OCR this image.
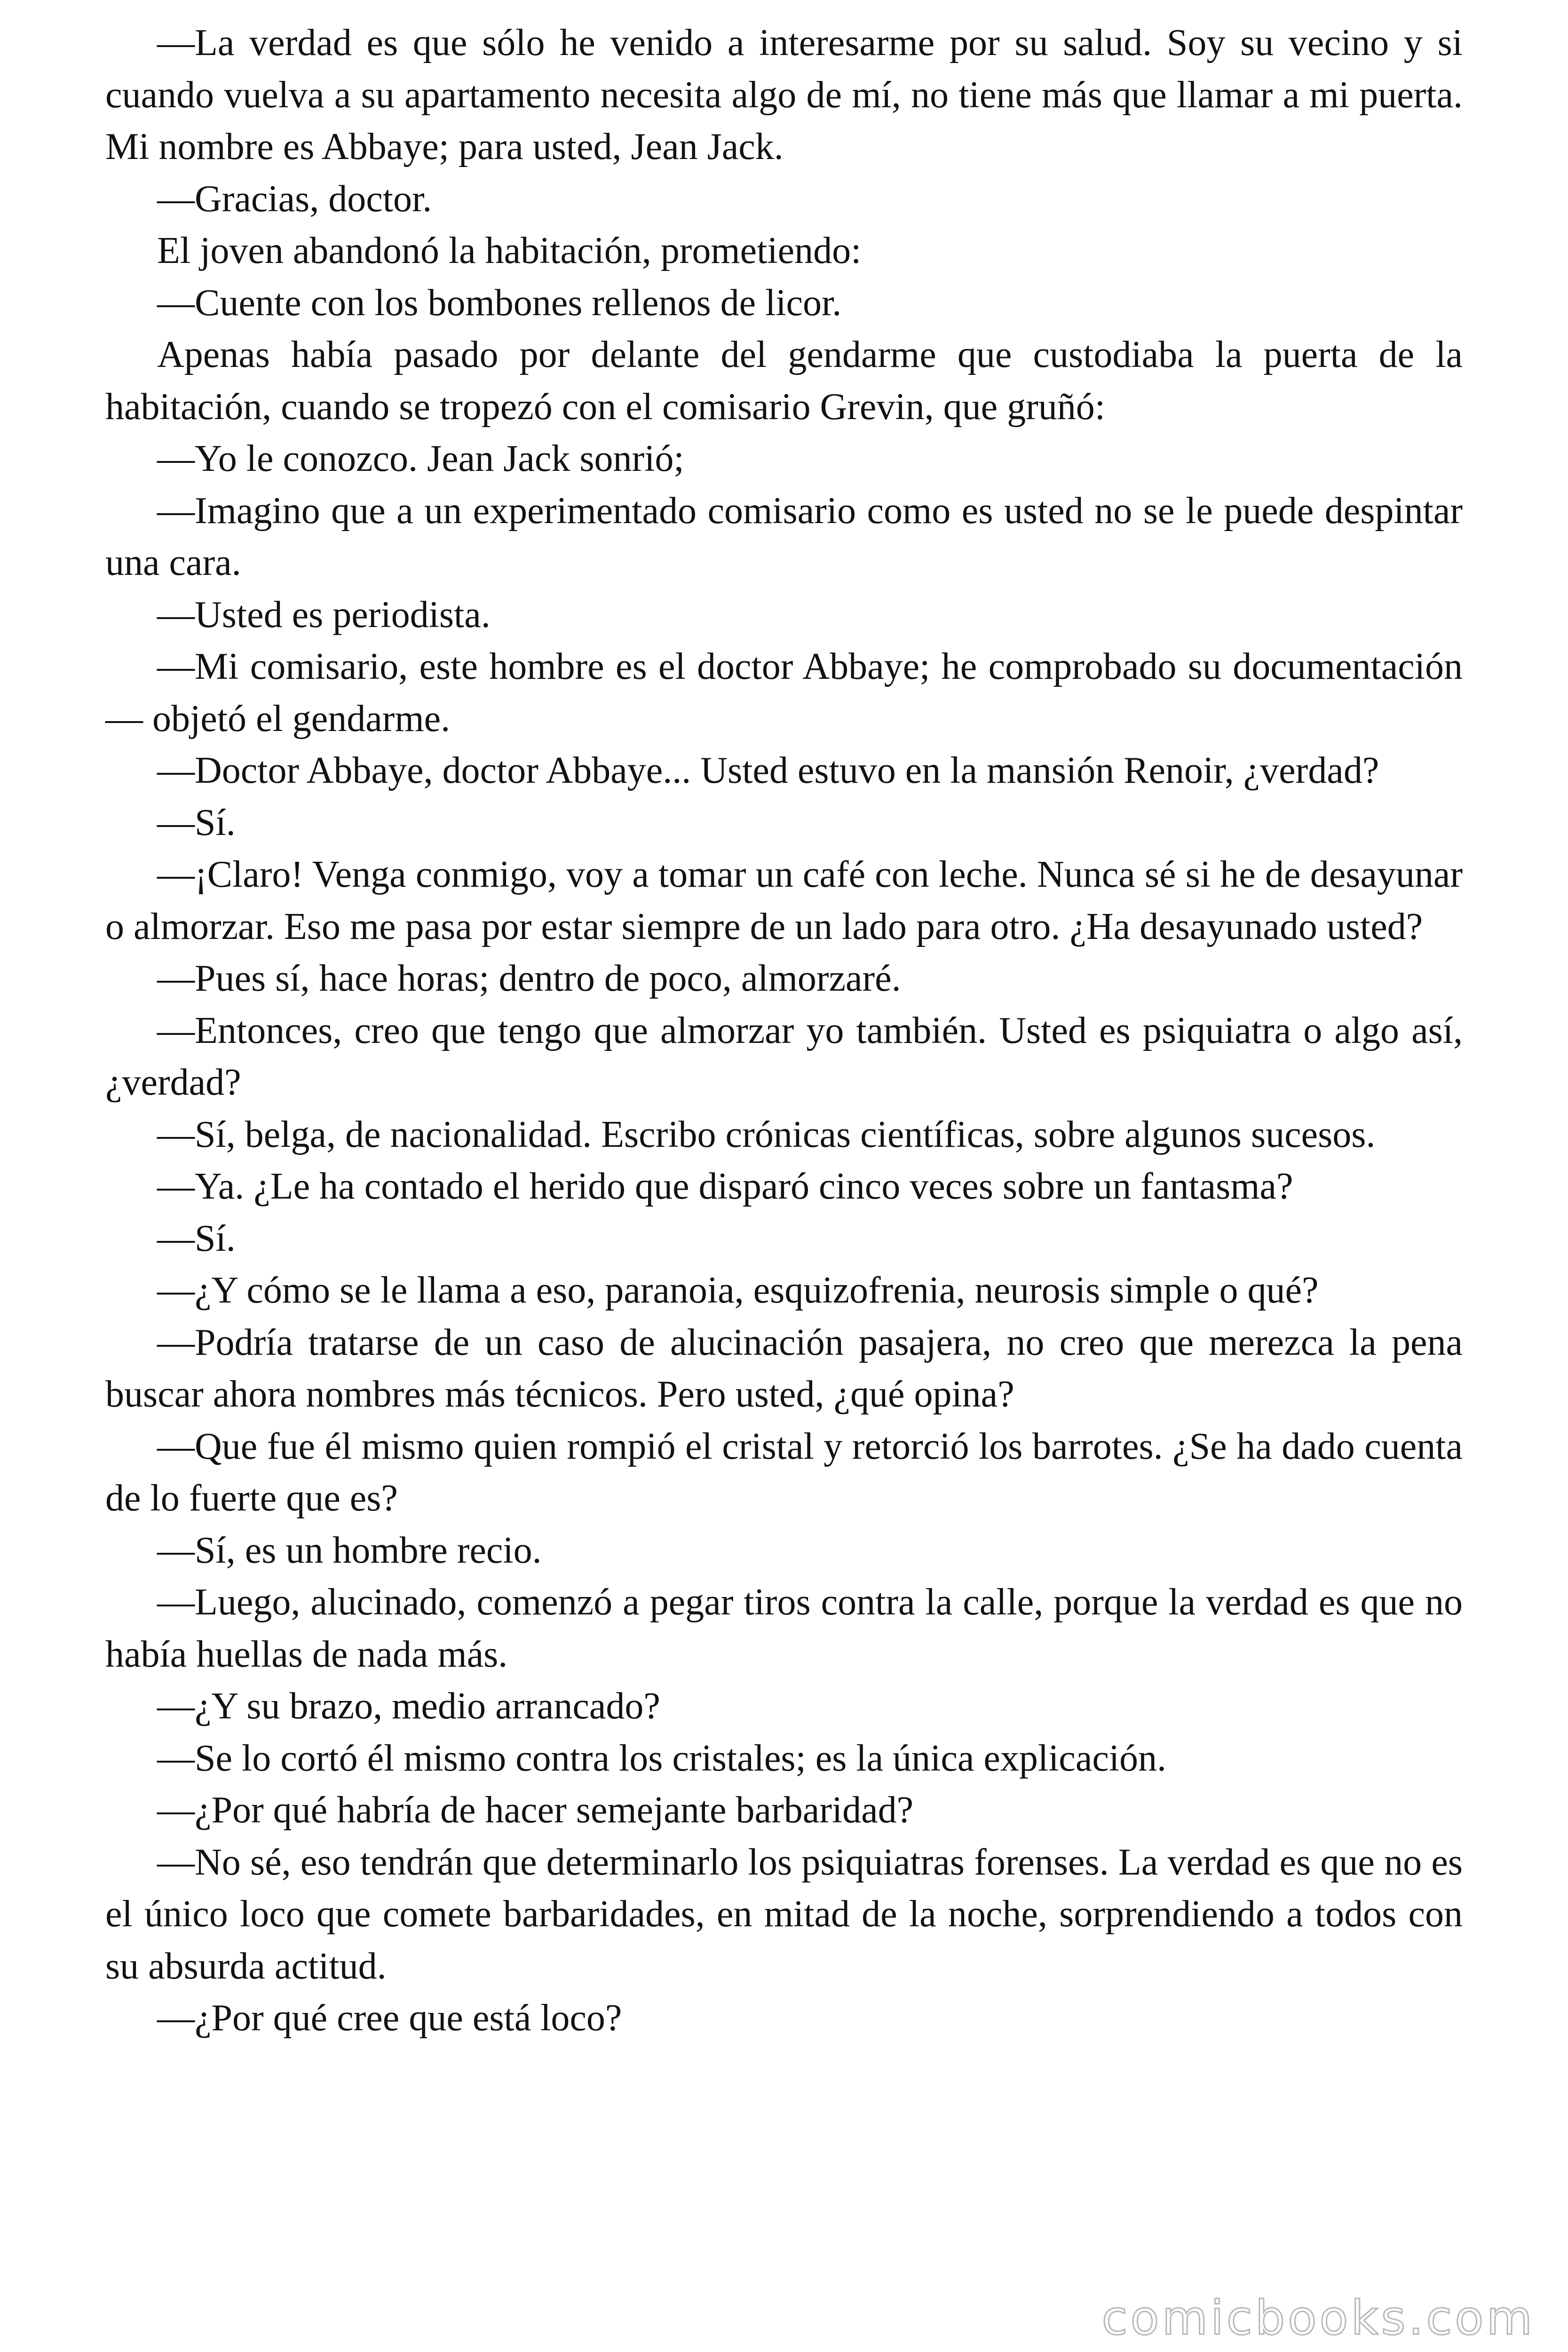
—La verdad es que sólo he venido a interesarme por su salud. Soy su vecino y si cuando vuelva a su apartamento necesita algo de mí, no tiene más que llamar a mi puerta. Mi nombre es Abbaye; para usted, Jean Jack.

—Gracias, doctor.

El joven abandonó la habitación, prometiendo:

—Cuente con los bombones rellenos de licor.

Apenas había pasado por delante del gendarme que custodiaba la puerta de la habitación, cuando se tropezó con el comisario Grevin, que gruñó:

—Yo le conozco. Jean Jack sonrió;

—Imagino que a un experimentado comisario como es usted no se le puede despintar una cara.

—Usted es periodista.

—Mi comisario, este hombre es el doctor Abbaye; he comprobado su documentación — objetó el gendarme.

—Doctor Abbaye, doctor Abbaye... Usted estuvo en la mansión Renoir, ¿verdad?

—Sí.

—¡Claro! Venga conmigo, voy a tomar un café con leche. Nunca sé si he de desayunar o almorzar. Eso me pasa por estar siempre de un lado para otro. ¿Ha desayunado usted?

—Pues sí, hace horas; dentro de poco, almorzaré.

—Entonces, creo que tengo que almorzar yo también. Usted es psiquiatra o algo así, ¿verdad?

—Sí, belga, de nacionalidad. Escribo crónicas científicas, sobre algunos sucesos.

—Ya. ¿Le ha contado el herido que disparó cinco veces sobre un fantasma?

—Sí.

—¿Y cómo se le llama a eso, paranoia, esquizofrenia, neurosis simple o qué?

—Podría tratarse de un caso de alucinación pasajera, no creo que merezca la pena buscar ahora nombres más técnicos. Pero usted, ¿qué opina?

—Que fue él mismo quien rompió el cristal y retorció los barrotes. ¿Se ha dado cuenta de lo fuerte que es?

—Sí, es un hombre recio.

—Luego, alucinado, comenzó a pegar tiros contra la calle, porque la verdad es que no había huellas de nada más.

—¿Y su brazo, medio arrancado?

—Se lo cortó él mismo contra los cristales; es la única explicación.

—¿Por qué habría de hacer semejante barbaridad?

—No sé, eso tendrán que determinarlo los psiquiatras forenses. La verdad es que no es el único loco que comete barbaridades, en mitad de la noche, sorprendiendo a todos con su absurda actitud.

—¿Por qué cree que está loco?

comicbooks.com
